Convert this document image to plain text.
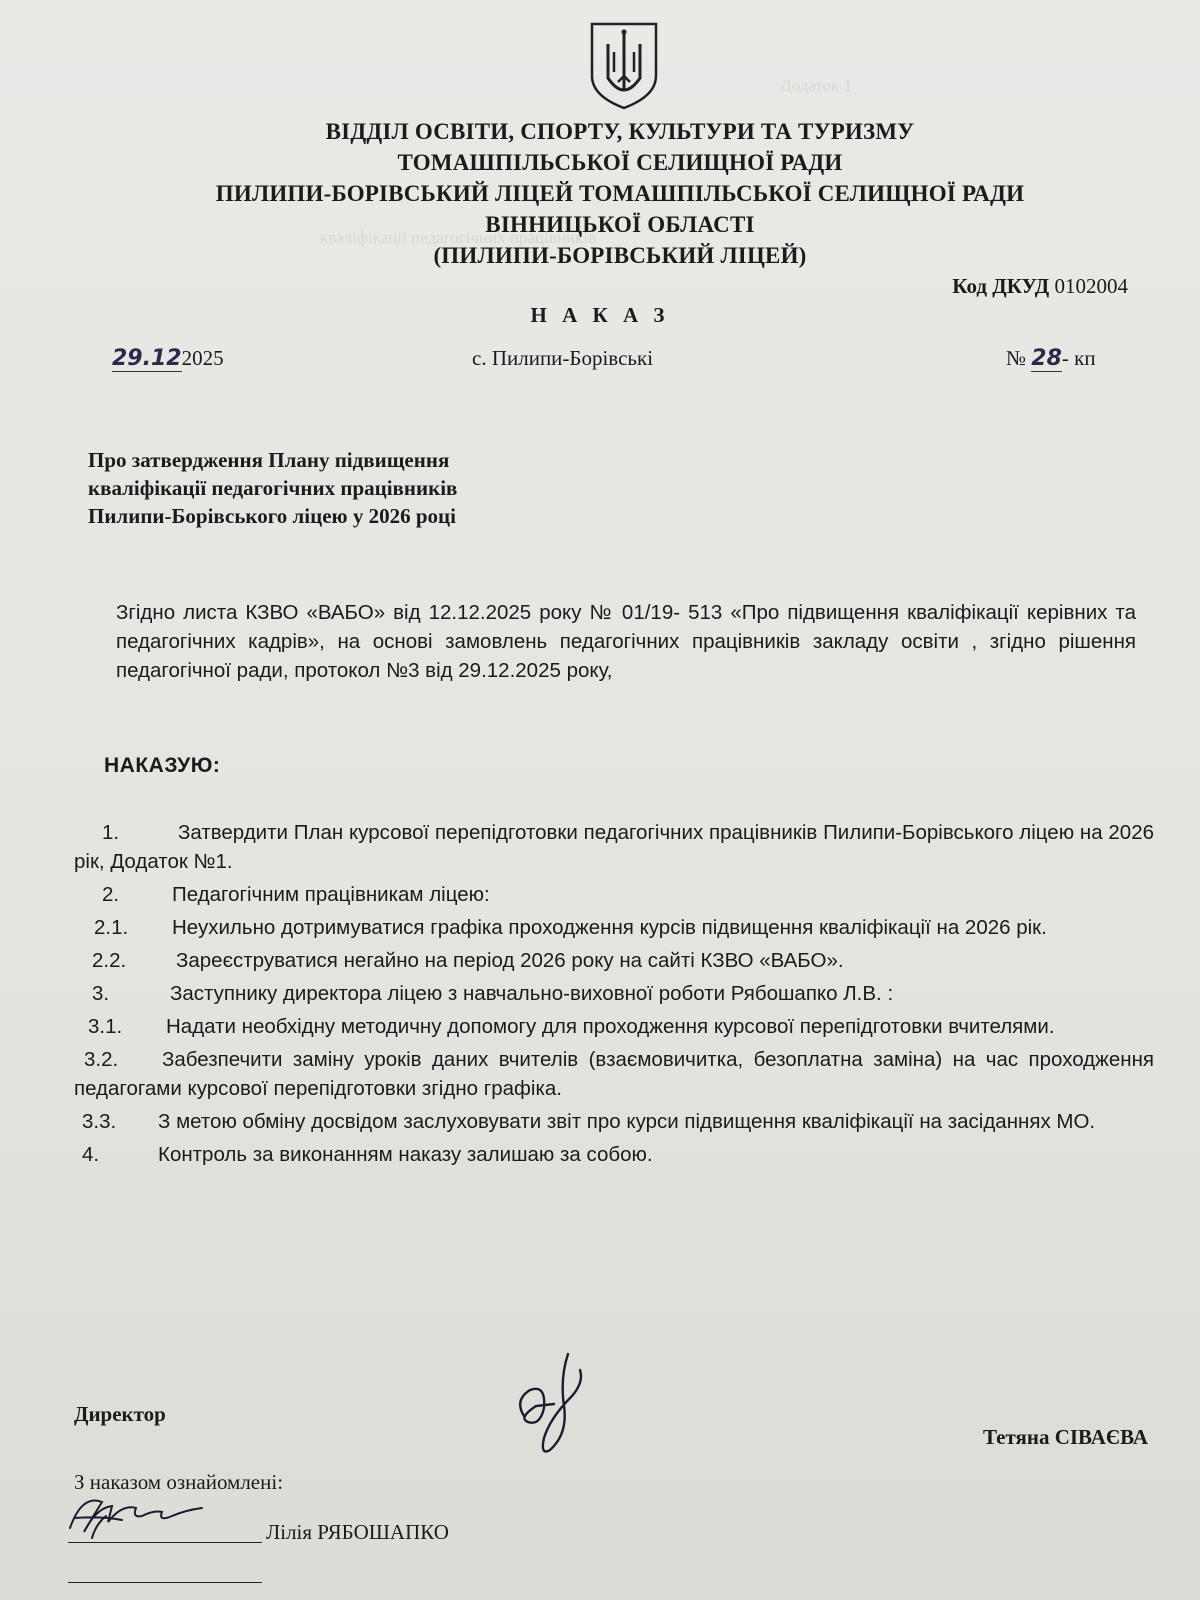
Додаток 1
кваліфікації педагогічних працівників
ВІДДІЛ ОСВІТИ, СПОРТУ, КУЛЬТУРИ ТА ТУРИЗМУ
ТОМАШПІЛЬСЬКОЇ СЕЛИЩНОЇ РАДИ
ПИЛИПИ-БОРІВСЬКИЙ ЛІЦЕЙ ТОМАШПІЛЬСЬКОЇ СЕЛИЩНОЇ РАДИ
ВІННИЦЬКОЇ ОБЛАСТІ
(ПИЛИПИ-БОРІВСЬКИЙ ЛІЦЕЙ)
Код ДКУД 0102004
Н А К А З
29.122025	с. Пилипи-Борівські	№ 28- кп
Про затвердження Плану підвищення
кваліфікації педагогічних працівників
Пилипи-Борівського ліцею у 2026 році
Згідно листа КЗВО «ВАБО» від 12.12.2025 року № 01/19- 513 «Про підвищення кваліфікації керівних та педагогічних кадрів», на основі замовлень педагогічних працівників закладу освіти , згідно рішення педагогічної ради, протокол №3 від 29.12.2025 року,
НАКАЗУЮ:
1.	Затвердити План курсової перепідготовки педагогічних працівників Пилипи-Борівського ліцею на 2026 рік, Додаток №1.
2.	Педагогічним працівникам ліцею:
2.1.	Неухильно дотримуватися графіка проходження курсів підвищення кваліфікації на 2026 рік.
2.2.	Зареєструватися негайно на період 2026 року на сайті КЗВО «ВАБО».
3.	Заступнику директора ліцею з навчально-виховної роботи Рябошапко Л.В. :
3.1.	Надати необхідну методичну допомогу для проходження курсової перепідготовки вчителями.
3.2.	Забезпечити заміну уроків даних вчителів (взаємовичитка, безоплатна заміна) на час проходження педагогами курсової перепідготовки згідно графіка.
3.3.	З метою обміну досвідом заслуховувати звіт про курси підвищення кваліфікації на засіданнях МО.
4.	Контроль за виконанням наказу залишаю за собою.
Директор
Тетяна СІВАЄВА
З наказом ознайомлені:
Лілія РЯБОШАПКО
